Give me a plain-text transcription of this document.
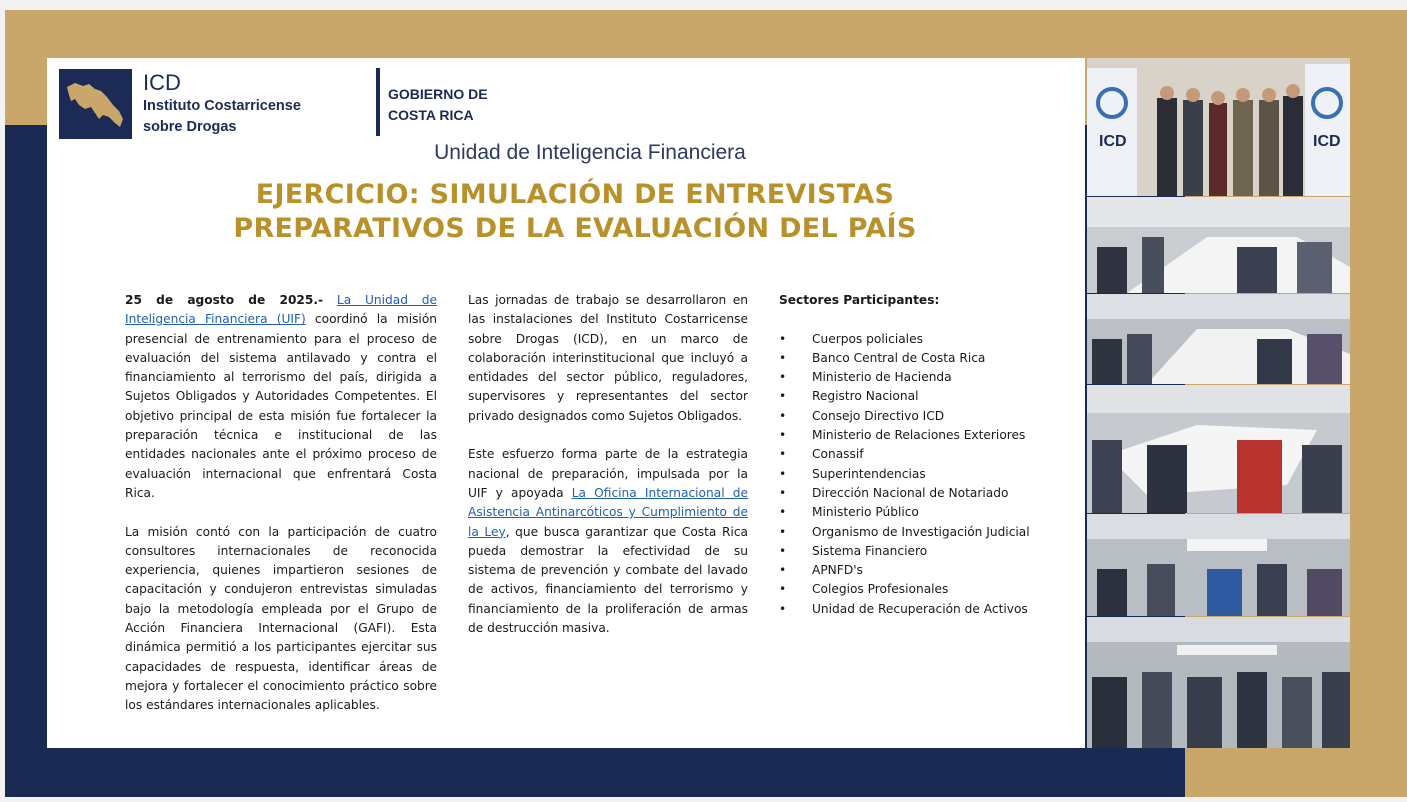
ICD
Instituto Costarricense sobre Drogas
GOBIERNO DE COSTA RICA
Unidad de Inteligencia Financiera
EJERCICIO: SIMULACIÓN DE ENTREVISTAS
PREPARATIVOS DE LA EVALUACIÓN DEL PAÍS

25 de agosto de 2025.- La Unidad de Inteligencia Financiera (UIF) coordinó la misión presencial de entrenamiento para el proceso de evaluación del sistema antilavado y contra el financiamiento al terrorismo del país, dirigida a Sujetos Obligados y Autoridades Competentes. El objetivo principal de esta misión fue fortalecer la preparación técnica e institucional de las entidades nacionales ante el próximo proceso de evaluación internacional que enfrentará Costa Rica.

La misión contó con la participación de cuatro consultores internacionales de reconocida experiencia, quienes impartieron sesiones de capacitación y condujeron entrevistas simuladas bajo la metodología empleada por el Grupo de Acción Financiera Internacional (GAFI). Esta dinámica permitió a los participantes ejercitar sus capacidades de respuesta, identificar áreas de mejora y fortalecer el conocimiento práctico sobre los estándares internacionales aplicables.

Las jornadas de trabajo se desarrollaron en las instalaciones del Instituto Costarricense sobre Drogas (ICD), en un marco de colaboración interinstitucional que incluyó a entidades del sector público, reguladores, supervisores y representantes del sector privado designados como Sujetos Obligados.

Este esfuerzo forma parte de la estrategia nacional de preparación, impulsada por la UIF y apoyada La Oficina Internacional de Asistencia Antinarcóticos y Cumplimiento de la Ley, que busca garantizar que Costa Rica pueda demostrar la efectividad de su sistema de prevención y combate del lavado de activos, financiamiento del terrorismo y financiamiento de la proliferación de armas de destrucción masiva.

Sectores Participantes:
• Cuerpos policiales
• Banco Central de Costa Rica
• Ministerio de Hacienda
• Registro Nacional
• Consejo Directivo ICD
• Ministerio de Relaciones Exteriores
• Conassif
• Superintendencias
• Dirección Nacional de Notariado
• Ministerio Público
• Organismo de Investigación Judicial
• Sistema Financiero
• APNFD's
• Colegios Profesionales
• Unidad de Recuperación de Activos
ICD	ICD
